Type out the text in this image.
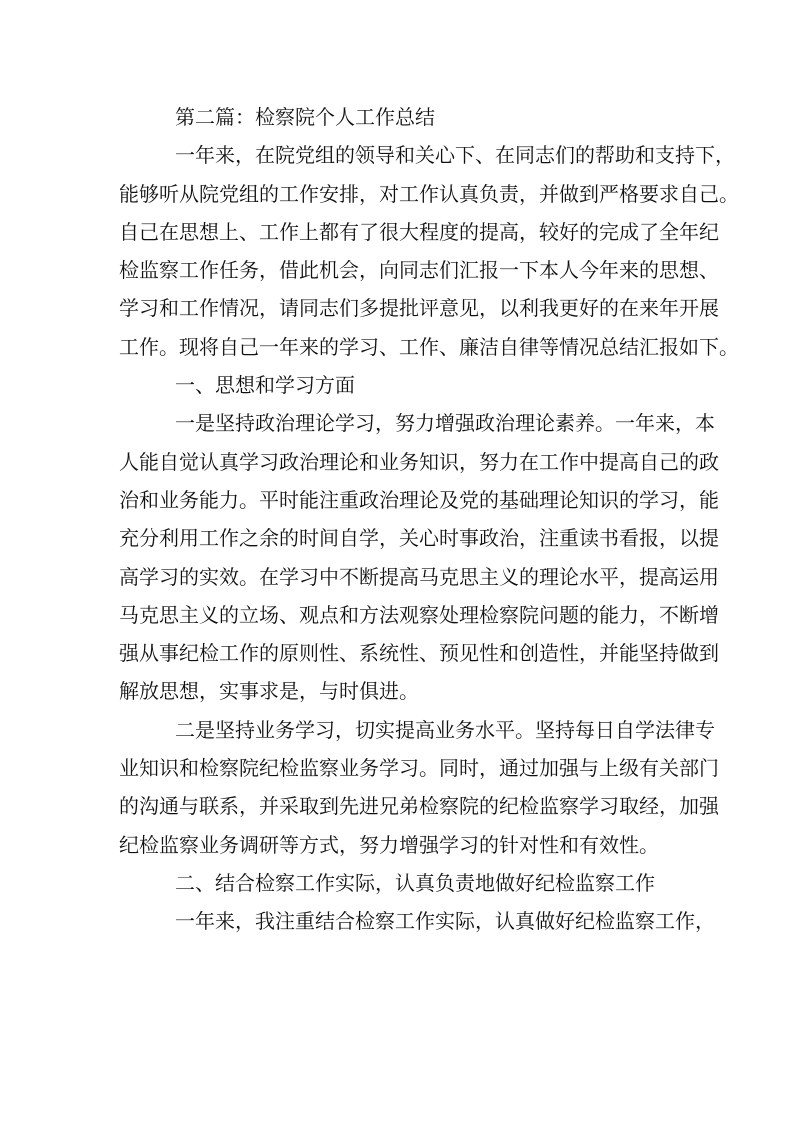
第二篇：检察院个人工作总结
一年来，在院党组的领导和关心下、在同志们的帮助和支持下，
能够听从院党组的工作安排，对工作认真负责，并做到严格要求自己。
自己在思想上、工作上都有了很大程度的提高，较好的完成了全年纪
检监察工作任务，借此机会，向同志们汇报一下本人今年来的思想、
学习和工作情况，请同志们多提批评意见，以利我更好的在来年开展
工作。现将自己一年来的学习、工作、廉洁自律等情况总结汇报如下。
一、思想和学习方面
一是坚持政治理论学习，努力增强政治理论素养。一年来，本
人能自觉认真学习政治理论和业务知识，努力在工作中提高自己的政
治和业务能力。平时能注重政治理论及党的基础理论知识的学习，能
充分利用工作之余的时间自学，关心时事政治，注重读书看报，以提
高学习的实效。在学习中不断提高马克思主义的理论水平，提高运用
马克思主义的立场、观点和方法观察处理检察院问题的能力，不断增
强从事纪检工作的原则性、系统性、预见性和创造性，并能坚持做到
解放思想，实事求是，与时俱进。
二是坚持业务学习，切实提高业务水平。坚持每日自学法律专
业知识和检察院纪检监察业务学习。同时，通过加强与上级有关部门
的沟通与联系，并采取到先进兄弟检察院的纪检监察学习取经，加强
纪检监察业务调研等方式，努力增强学习的针对性和有效性。
二、结合检察工作实际，认真负责地做好纪检监察工作
一年来，我注重结合检察工作实际，认真做好纪检监察工作，
